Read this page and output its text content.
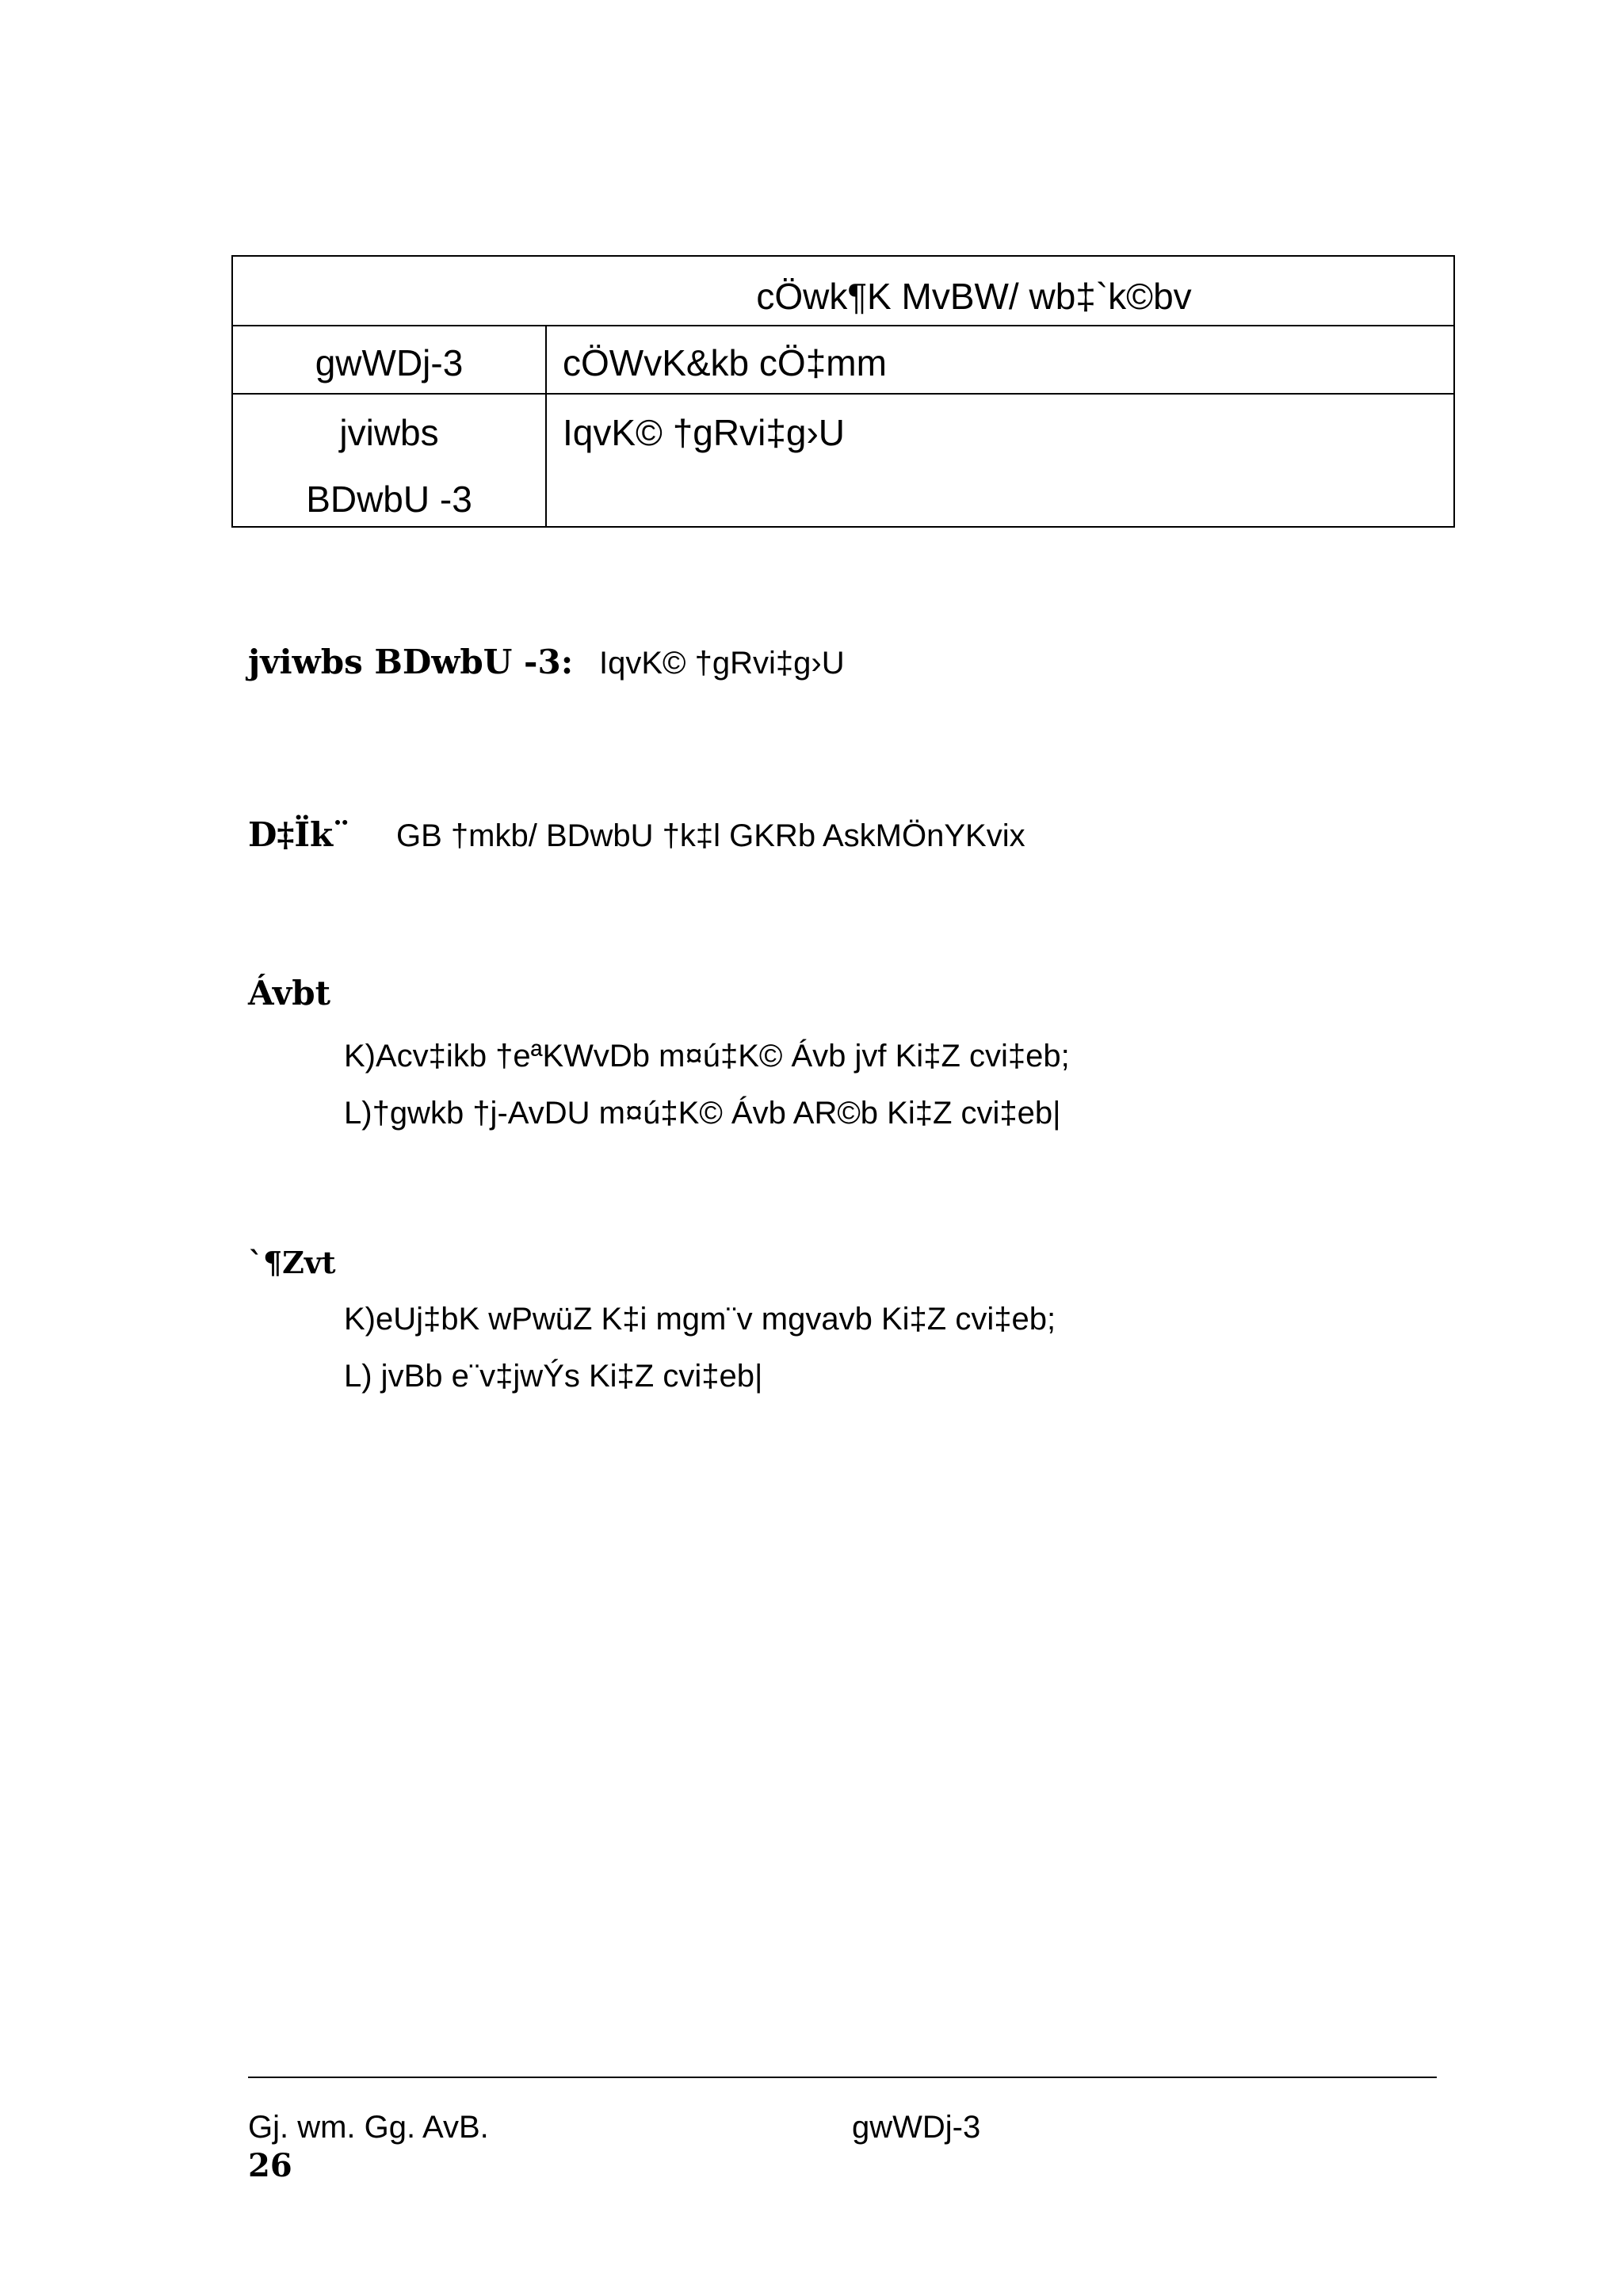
cÖwk¶K MvBW/ wb‡`k©bv
gwWDj-3	cÖWvK&kb cÖ‡mm
jviwbs
BDwbU -3
IqvK© †gRvi‡g›U
jviwbs BDwbU -3: IqvK© †gRvi‡g›U
D‡Ïk¨ GB †mkb/ BDwbU †k‡l GKRb AskMÖnYKvix
Ávbt
K)Acv‡ikb †eªKWvDb m¤ú‡K© Ávb jvf Ki‡Z cvi‡eb;
L)†gwkb †j-AvDU m¤ú‡K© Ávb AR©b Ki‡Z cvi‡eb|
`¶Zvt
K)eUj‡bK wPwüZ K‡i mgm¨v mgvavb Ki‡Z cvi‡eb;
L) jvBb e¨v‡jwÝs Ki‡Z cvi‡eb|
Gj. wm. Gg. AvB.	gwWDj-3
26
